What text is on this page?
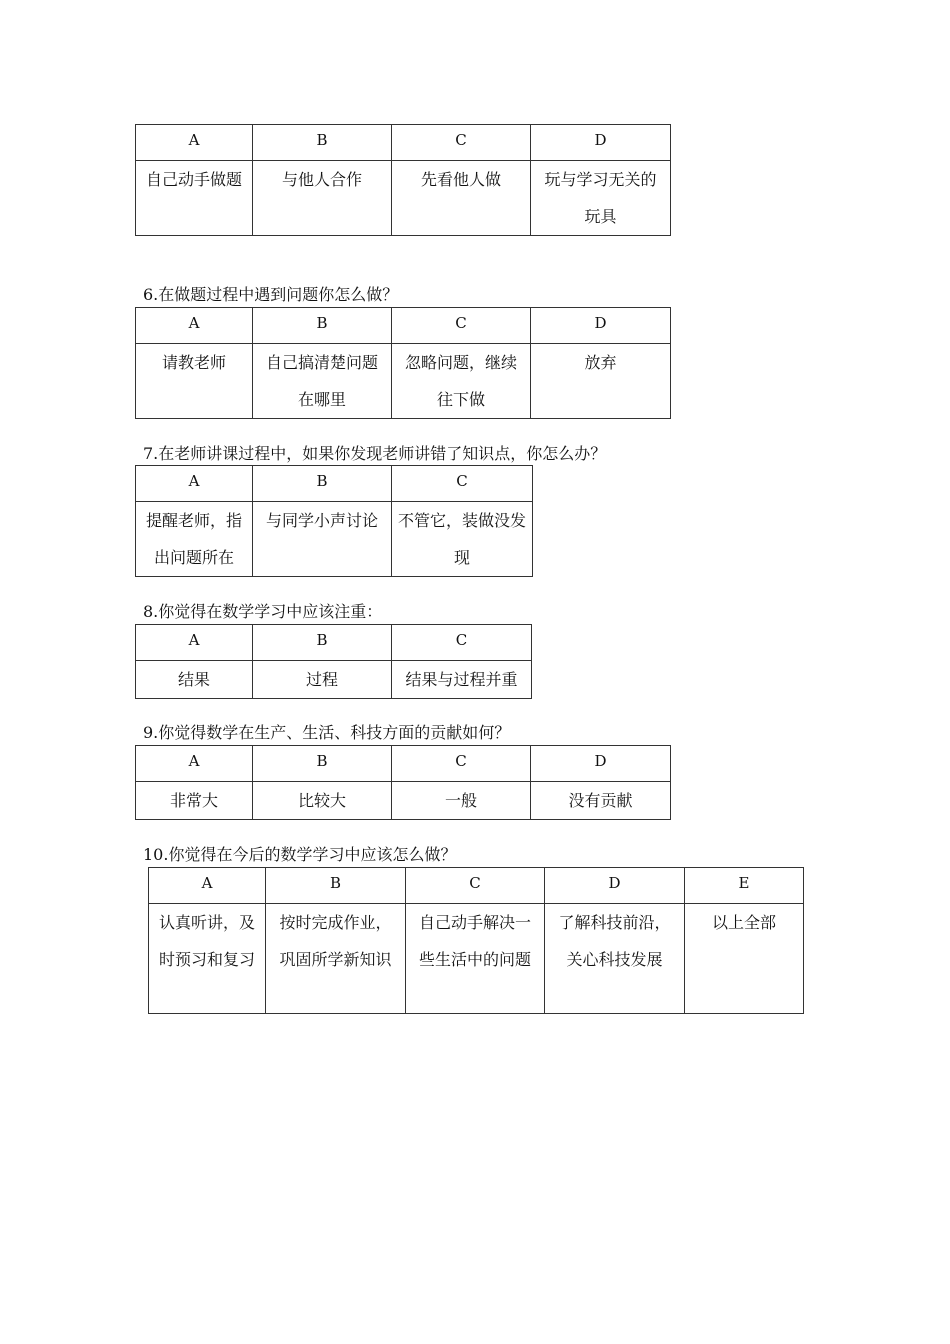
A	B	C	D
自己动手做题	与他人合作	先看他人做	玩与学习无关的玩具
6.在做题过程中遇到问题你怎么做？
A	B	C	D
请教老师	自己搞清楚问题在哪里	忽略问题，继续往下做	放弃
7.在老师讲课过程中，如果你发现老师讲错了知识点，你怎么办？
A	B	C
提醒老师，指出问题所在	与同学小声讨论	不管它，装做没发现
8.你觉得在数学学习中应该注重：
A	B	C
结果	过程	结果与过程并重
9.你觉得数学在生产、生活、科技方面的贡献如何？
A	B	C	D
非常大	比较大	一般	没有贡献
10.你觉得在今后的数学学习中应该怎么做？
A	B	C	D	E
认真听讲，及时预习和复习	按时完成作业，巩固所学新知识	自己动手解决一些生活中的问题	了解科技前沿，关心科技发展	以上全部
